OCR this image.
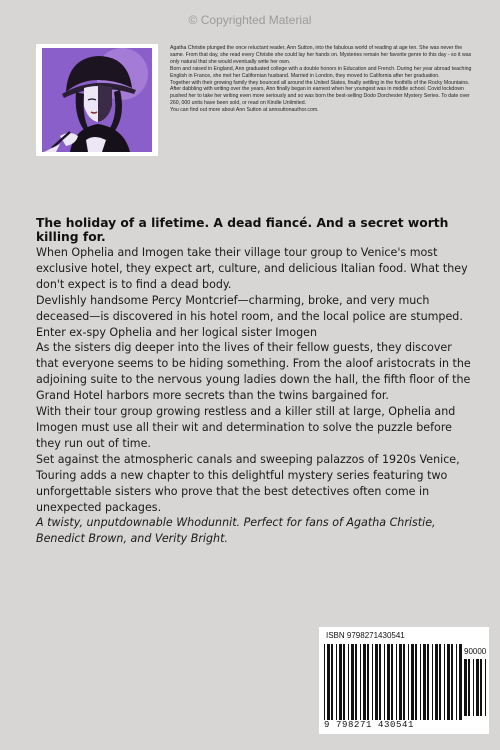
© Copyrighted Material

Agatha Christie plunged the once reluctant reader, Ann Sutton, into the fabulous world of reading at age ten. She was never the same. From that day, she read every Christie she could lay her hands on. Mysteries remain her favorite genre to this day - so it was only natural that she would eventually write her own.

Born and raised in England, Ann graduated college with a double honors in Education and French. During her year abroad teaching English in France, she met her Californian husband. Married in London, they moved to California after her graduation.

Together with their growing family they bounced all around the United States, finally settling in the foothills of the Rocky Mountains.

After dabbling with writing over the years, Ann finally began in earnest when her youngest was in middle school. Covid lockdown pushed her to take her writing even more seriously and so was born the best-selling Dodo Dorchester Mystery Series. To date over 260, 000 units have been sold, or read on Kindle Unlimited.

You can find out more about Ann Sutton at annsuttonauthor.com.

The holiday of a lifetime. A dead fiancé. And a secret worth killing for.

When Ophelia and Imogen take their village tour group to Venice's most exclusive hotel, they expect art, culture, and delicious Italian food. What they don't expect is to find a dead body.

Devlishly handsome Percy Montcrief—charming, broke, and very much deceased—is discovered in his hotel room, and the local police are stumped. Enter ex-spy Ophelia and her logical sister Imogen

As the sisters dig deeper into the lives of their fellow guests, they discover that everyone seems to be hiding something. From the aloof aristocrats in the adjoining suite to the nervous young ladies down the hall, the fifth floor of the Grand Hotel harbors more secrets than the twins bargained for.

With their tour group growing restless and a killer still at large, Ophelia and Imogen must use all their wit and determination to solve the puzzle before they run out of time.

Set against the atmospheric canals and sweeping palazzos of 1920s Venice, Touring adds a new chapter to this delightful mystery series featuring two unforgettable sisters who prove that the best detectives often come in unexpected packages.

A twisty, unputdownable Whodunnit. Perfect for fans of Agatha Christie, Benedict Brown, and Verity Bright.

ISBN 9798271430541
90000
9 798271 430541
